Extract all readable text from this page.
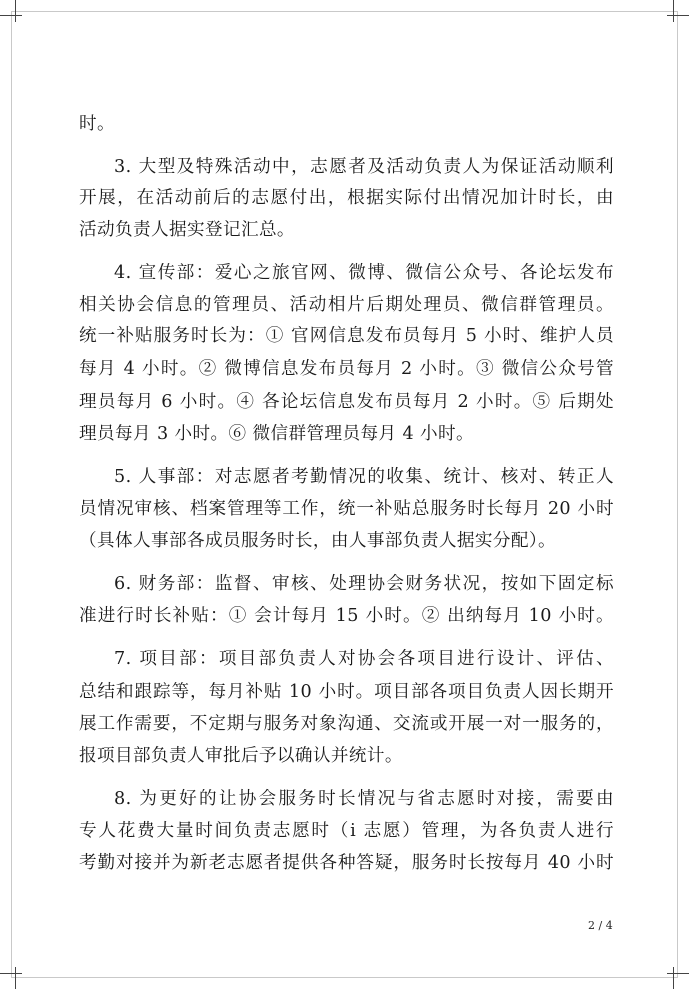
时。
3. 大型及特殊活动中，志愿者及活动负责人为保证活动顺利
开展，在活动前后的志愿付出，根据实际付出情况加计时长，由
活动负责人据实登记汇总。
4. 宣传部：爱心之旅官网、微博、微信公众号、各论坛发布
相关协会信息的管理员、活动相片后期处理员、微信群管理员。
统一补贴服务时长为：① 官网信息发布员每月 5 小时、维护人员
每月 4 小时。② 微博信息发布员每月 2 小时。③ 微信公众号管
理员每月 6 小时。④ 各论坛信息发布员每月 2 小时。⑤ 后期处
理员每月 3 小时。⑥ 微信群管理员每月 4 小时。
5. 人事部：对志愿者考勤情况的收集、统计、核对、转正人
员情况审核、档案管理等工作，统一补贴总服务时长每月 20 小时
（具体人事部各成员服务时长，由人事部负责人据实分配）。
6. 财务部：监督、审核、处理协会财务状况，按如下固定标
准进行时长补贴：① 会计每月 15 小时。② 出纳每月 10 小时。
7. 项目部：项目部负责人对协会各项目进行设计、评估、
总结和跟踪等，每月补贴 10 小时。项目部各项目负责人因长期开
展工作需要，不定期与服务对象沟通、交流或开展一对一服务的，
报项目部负责人审批后予以确认并统计。
8. 为更好的让协会服务时长情况与省志愿时对接，需要由
专人花费大量时间负责志愿时（i 志愿）管理，为各负责人进行
考勤对接并为新老志愿者提供各种答疑，服务时长按每月 40 小时
2 / 4
